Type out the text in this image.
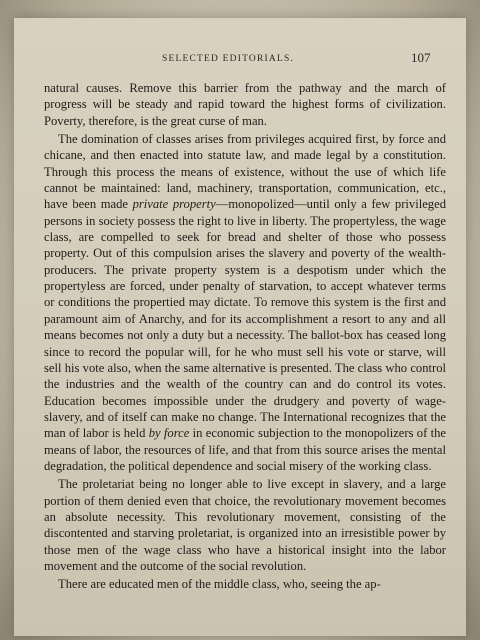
SELECTED EDITORIALS.	107

natural causes. Remove this barrier from the pathway and the march of progress will be steady and rapid toward the highest forms of civilization. Poverty, therefore, is the great curse of man.

The domination of classes arises from privileges acquired first, by force and chicane, and then enacted into statute law, and made legal by a constitution. Through this process the means of existence, without the use of which life cannot be maintained: land, machinery, transportation, communication, etc., have been made private property—monopolized—until only a few privileged persons in society possess the right to live in liberty. The propertyless, the wage class, are compelled to seek for bread and shelter of those who possess property. Out of this compulsion arises the slavery and poverty of the wealth-producers. The private property system is a despotism under which the propertyless are forced, under penalty of starvation, to accept whatever terms or conditions the propertied may dictate. To remove this system is the first and paramount aim of Anarchy, and for its accomplishment a resort to any and all means becomes not only a duty but a necessity. The ballot-box has ceased long since to record the popular will, for he who must sell his vote or starve, will sell his vote also, when the same alternative is presented. The class who control the industries and the wealth of the country can and do control its votes. Education becomes impossible under the drudgery and poverty of wage-slavery, and of itself can make no change. The International recognizes that the man of labor is held by force in economic subjection to the monopolizers of the means of labor, the resources of life, and that from this source arises the mental degradation, the political dependence and social misery of the working class.

The proletariat being no longer able to live except in slavery, and a large portion of them denied even that choice, the revolutionary movement becomes an absolute necessity. This revolutionary movement, consisting of the discontented and starving proletariat, is organized into an irresistible power by those men of the wage class who have a historical insight into the labor movement and the outcome of the social revolution.

There are educated men of the middle class, who, seeing the ap-
